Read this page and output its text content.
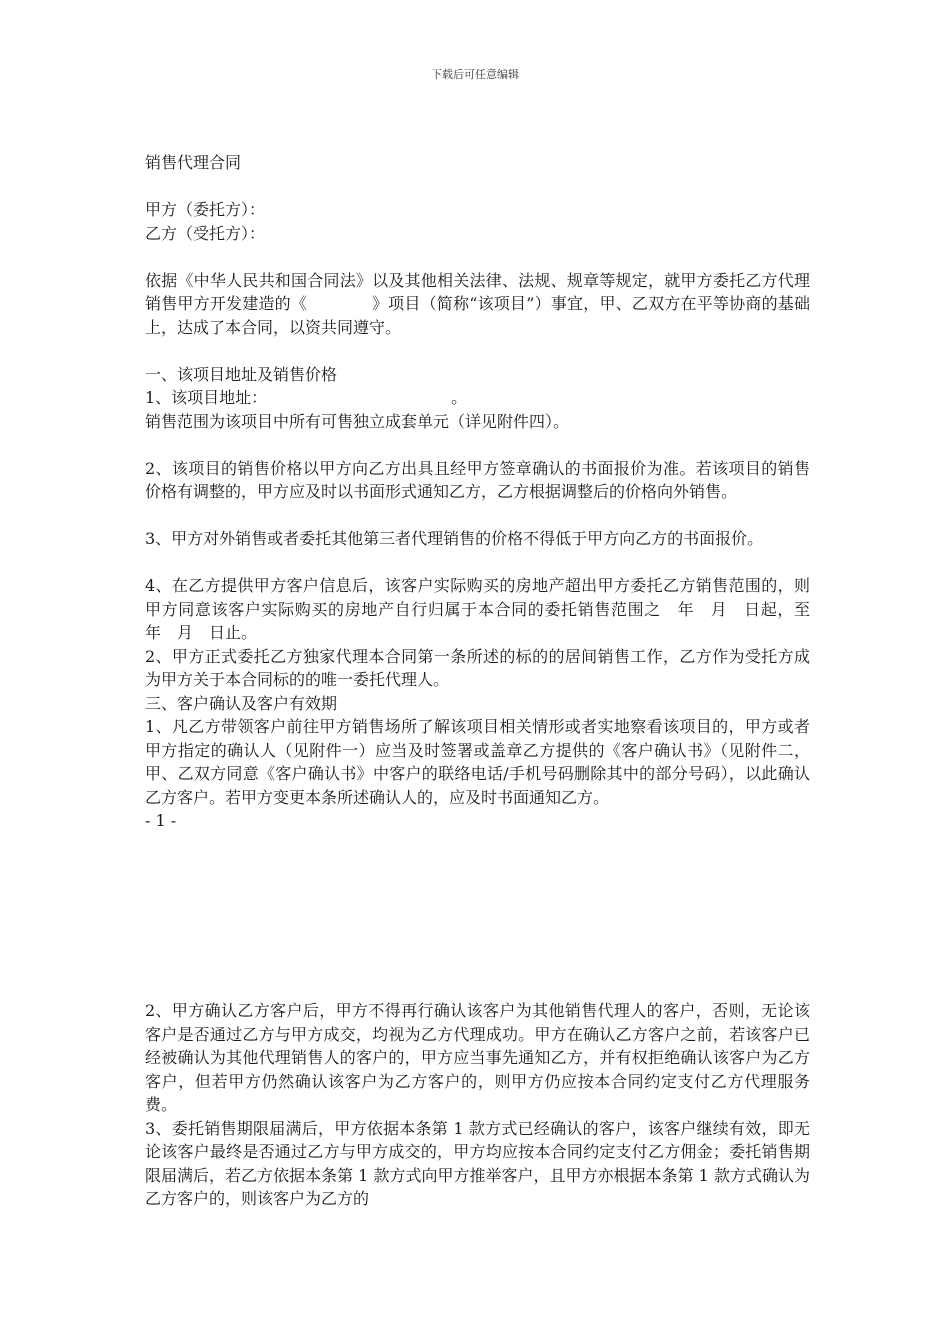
下载后可任意编辑

销售代理合同

甲方（委托方）：

乙方（受托方）：

依据《中华人民共和国合同法》以及其他相关法律、法规、规章等规定，就甲方委托乙方代理销售甲方开发建造的《　　　　》项目（简称“该项目”）事宜，甲、乙双方在平等协商的基础上，达成了本合同，以资共同遵守。

一、该项目地址及销售价格

1、该项目地址：　　　　　　　　　　　　。

销售范围为该项目中所有可售独立成套单元（详见附件四）。

2、该项目的销售价格以甲方向乙方出具且经甲方签章确认的书面报价为准。若该项目的销售价格有调整的，甲方应及时以书面形式通知乙方，乙方根据调整后的价格向外销售。

3、甲方对外销售或者委托其他第三者代理销售的价格不得低于甲方向乙方的书面报价。

4、在乙方提供甲方客户信息后，该客户实际购买的房地产超出甲方委托乙方销售范围的，则甲方同意该客户实际购买的房地产自行归属于本合同的委托销售范围之　年　月　日起，至　　年　月　日止。

2、甲方正式委托乙方独家代理本合同第一条所述的标的的居间销售工作，乙方作为受托方成为甲方关于本合同标的的唯一委托代理人。

三、客户确认及客户有效期

1、凡乙方带领客户前往甲方销售场所了解该项目相关情形或者实地察看该项目的，甲方或者甲方指定的确认人（见附件一）应当及时签署或盖章乙方提供的《客户确认书》（见附件二，甲、乙双方同意《客户确认书》中客户的联络电话/手机号码删除其中的部分号码），以此确认乙方客户。若甲方变更本条所述确认人的，应及时书面通知乙方。

- 1 -

2、甲方确认乙方客户后，甲方不得再行确认该客户为其他销售代理人的客户，否则，无论该客户是否通过乙方与甲方成交，均视为乙方代理成功。甲方在确认乙方客户之前，若该客户已经被确认为其他代理销售人的客户的，甲方应当事先通知乙方，并有权拒绝确认该客户为乙方客户，但若甲方仍然确认该客户为乙方客户的，则甲方仍应按本合同约定支付乙方代理服务费。

3、委托销售期限届满后，甲方依据本条第 1 款方式已经确认的客户，该客户继续有效，即无论该客户最终是否通过乙方与甲方成交的，甲方均应按本合同约定支付乙方佣金；委托销售期限届满后，若乙方依据本条第 1 款方式向甲方推举客户，且甲方亦根据本条第 1 款方式确认为乙方客户的，则该客户为乙方的
